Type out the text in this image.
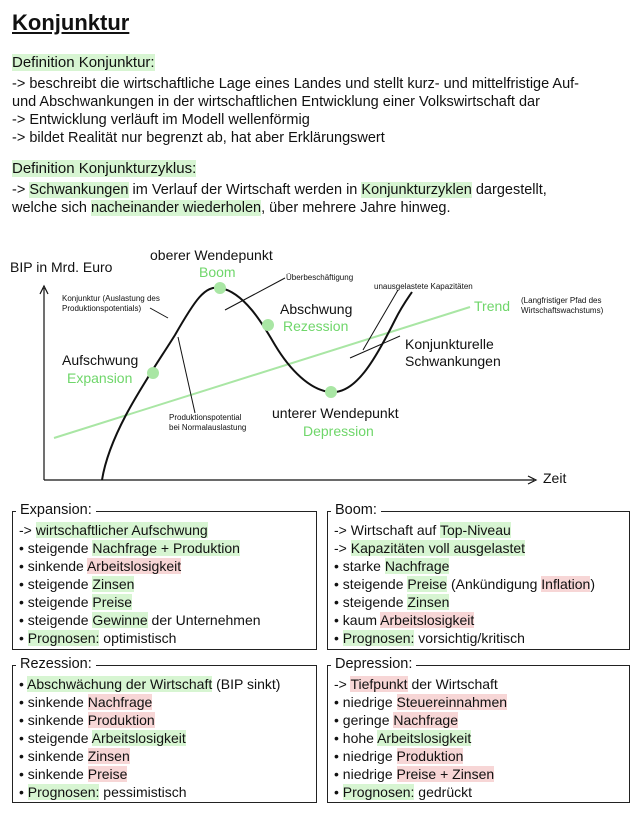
Konjunktur
Definition Konjunktur:
-> beschreibt die wirtschaftliche Lage eines Landes und stellt kurz- und mittelfristige Auf-
und Abschwankungen in der wirtschaftlichen Entwicklung einer Volkswirtschaft dar
-> Entwicklung verläuft im Modell wellenförmig
-> bildet Realität nur begrenzt ab, hat aber Erklärungswert
Definition Konjunkturzyklus:
-> Schwankungen im Verlauf der Wirtschaft werden in Konjunkturzyklen dargestellt,
welche sich nacheinander wiederholen, über mehrere Jahre hinweg.
BIP in Mrd. Euro
Zeit
oberer Wendepunkt
Boom
Konjunktur (Auslastung des
Produktionspotentials)
Überbeschäftigung
unausgelastete Kapazitäten
Trend (Langfristiger Pfad des
Wirtschaftswachstums)
Abschwung
Rezession
Aufschwung
Expansion
Konjunkturelle
Schwankungen
Produktionspotential
bei Normalauslastung
unterer Wendepunkt
Depression
Expansion:
-> wirtschaftlicher Aufschwung
• steigende Nachfrage + Produktion
• sinkende Arbeitslosigkeit
• steigende Zinsen
• steigende Preise
• steigende Gewinne der Unternehmen
• Prognosen: optimistisch
Boom:
-> Wirtschaft auf Top-Niveau
-> Kapazitäten voll ausgelastet
• starke Nachfrage
• steigende Preise (Ankündigung Inflation)
• steigende Zinsen
• kaum Arbeitslosigkeit
• Prognosen: vorsichtig/kritisch
Rezession:
• Abschwächung der Wirtschaft (BIP sinkt)
• sinkende Nachfrage
• sinkende Produktion
• steigende Arbeitslosigkeit
• sinkende Zinsen
• sinkende Preise
• Prognosen: pessimistisch
Depression:
-> Tiefpunkt der Wirtschaft
• niedrige Steuereinnahmen
• geringe Nachfrage
• hohe Arbeitslosigkeit
• niedrige Produktion
• niedrige Preise + Zinsen
• Prognosen: gedrückt
